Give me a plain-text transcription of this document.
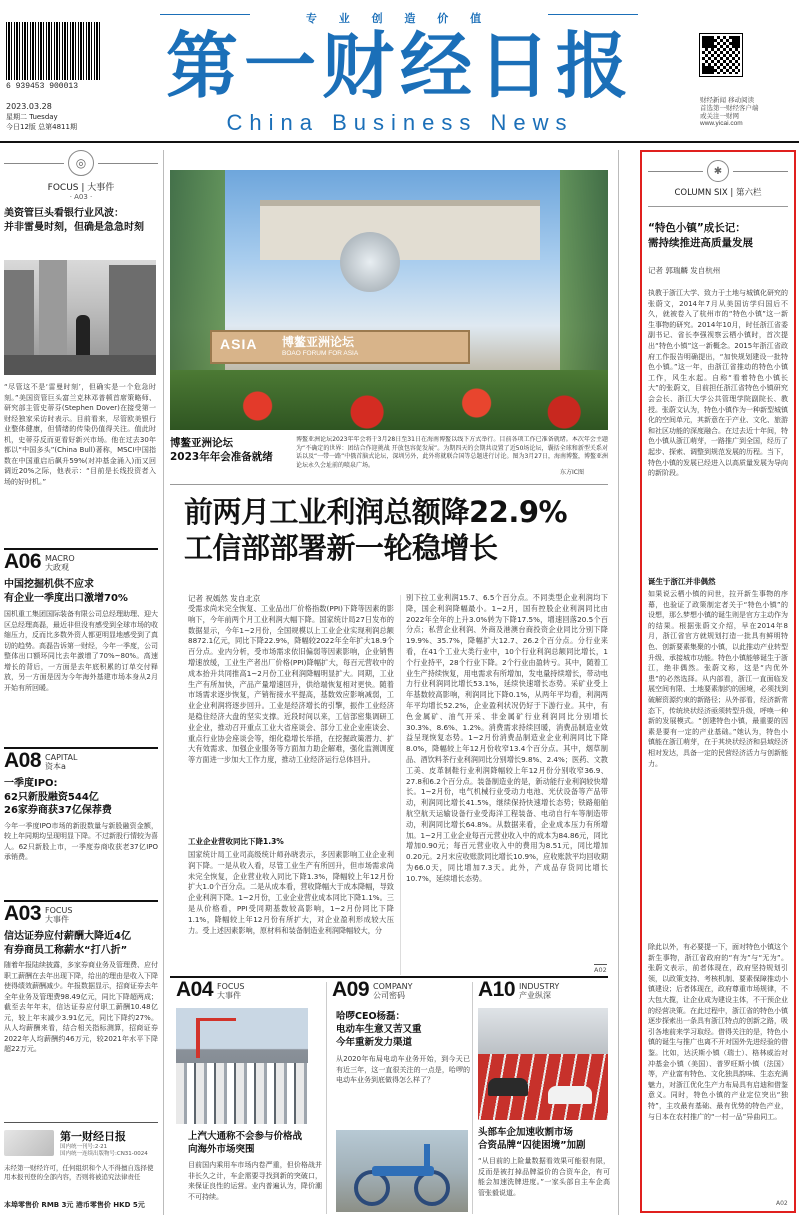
6 939453 900013
2023.03.28
星期二 Tuesday
今日12版 总第4811期
专 业 创 造 价 值
第一财经日报
China Business News
财经新闻 移动阅读
首选第一财经客户端
或关注一财网
www.yicai.com
◎
FOCUS | 大事件
· A03 ·
美资管巨头看银行业风波：
并非雷曼时刻，但确是急急时刻
“尽管这不是‘雷曼时刻’，但确实是一个危急时刻。”美国资管巨头富兰克林邓普顿首席策略师、研究部主管史蒂芬(Stephen Dover)在接受第一财经独家采访时表示。目前看来，尽管欧美银行业整体健康，但情绪的传染仍值得关注。值此时机，史蒂芬反而更看好新兴市场。他在过去30年都以“中国多头”(China Bull)著称，MSCI中国指数在中国重启后飙升59%(对冲基金涌入)而又回调近20%之际，他表示：“目前是长线投资者入场的好时机。”
A06 MACRO
大政观
中国挖掘机供不应求
有企业一季度出口激增70%
国机重工集团国际装备有限公司总经理助理、迎大区总经理高磊，最近非但没有感受到全球市场的收缩压力，反而比多数外资人都更明显地感受到了真切的趋势。高磊告诉第一财经，今年一季度，公司整体出口额环同比去年激增了70%~80%。高速增长的背后，一方面是去年底积累的订单交付释放，另一方面是因为今年海外基建市场本身从2月开始有所回暖。
A08 CAPITAL
资本a
一季度IPO:
62只新股融资544亿
26家券商获37亿保荐费
今年一季度IPO市场的新股数量与新股融资金额，较上年同期均呈现明显下降。不过新股行情较为喜人。62只新股上市，一季度券商收获老37亿IPO承销费。
A03 FOCUS
大事件
信达证券应付薪酬大降近4亿
有券商员工称薪水“打八折”
随着年报陆续披露，多家券商业务及管理费、应付职工薪酬在去年出现下降，给出的理由是收入下降使得绩效薪酬减少。年报数据显示，招商证券去年全年业务及管理费98.49亿元，同比下降超两成；截至去年年末，信达证券应付职工薪酬10.48亿元，较上年末减少3.91亿元，同比下降约27%。从人均薪酬来看，结合相关指标测算，招商证券2022年人均薪酬约46万元，较2021年水平下降超22万元。
第一财经日报
国内统一刊号:2·21
国内统一连续出版物号:CN31-0024
未经第一财经许可，任何组织和个人不得擅自选择使用本报刊登的全部内容，否则将被追究法律责任
本埠零售价 RMB 3元 港币零售价 HKD 5元
ASIA 博鳌亚洲论坛
BOAO FORUM FOR ASIA
博鳌亚洲论坛
2023年年会准备就绪
博鳌亚洲论坛2023年年会将于3月28日至31日在海南博鳌以线下方式举行。目前各项工作已准备就绪。本次年会主题为“不确定的世界：团结合作迎挑战 开放包容促发展”。为期四天的会期共设置了近50场论坛，囊括全球和新型关系对话以及“一带一路”中俄首脑式论坛，深圳另外，此外将就联合国等总题进行讨论。图为3月27日，海南博鳌，博鳌亚洲论坛永久会址前的喷泉广场。
东方IC图
前两月工业利润总额降22.9%
工信部部署新一轮稳增长
记者 祝嫣然 发自北京
受需求尚未完全恢复、工业品出厂价格指数(PPI)下降等因素的影响下，今年前两个月工业利润大幅下降。国家统计局27日发布的数据显示，今年1~2月份，全国规模以上工业企业实现利润总额8872.1亿元，同比下降22.9%，降幅较2022年全年扩大18.9个百分点。业内分析，受市场需求依旧偏弱等因素影响，企业销售增速放缓，工业生产者出厂价格(PPI)降幅扩大，每百元营收中的成本抬升共同推高1~2月份工业利润降幅明显扩大。同期，工业生产有所加快，产品产量增速回升，供给端恢复相对更快。随着市场需求逐步恢复，产销衔接水平提高，基数效应影响减弱，工业企业利润将逐步回升。工业是经济增长的引擎，振作工业经济是稳住经济大盘的坚实支撑。近段时间以来，工信部密集调研工业企业，推动召开重点工业大省座谈会、部分工业企业座谈会、重点行业协会座谈会等，细化稳增长举措，在挖掘政策潜力、扩大有效需求、加强企业服务等方面加力助企解难，强化监测调度等方面进一步加大工作力度，推动工业经济运行总体回升。
工业企业营收同比下降1.3%
国家统计局工业司高级统计师孙晓表示，多因素影响工业企业利润下降。一是从收入看，尽管工业生产有所回升，但市场需求尚未完全恢复，企业营业收入同比下降1.3%，降幅较上年12月份扩大1.0个百分点。二是从成本看，营收降幅大于成本降幅，导致企业利润下降。1~2月份，工业企业营业成本同比下降1.1%。三是从价格看，PPI受同期基数较高影响，1~2月份同比下降1.1%，降幅较上年12月份有所扩大，对企业盈利形成较大压力。受上述因素影响，原材料和装备制造业利润降幅较大，分
别下拉工业利润15.7、6.5个百分点。不同类型企业利润均下降，国企利润降幅最小。1~2月，国有控股企业利润同比由2022年全年的上升3.0%转为下降17.5%，增速回落20.5个百分点；私营企业利润、外商及港澳台商投资企业同比分别下降19.9%、35.7%，降幅扩大12.7、26.2个百分点。分行业来看，在41个工业大类行业中，10个行业利润总额同比增长，1个行业持平，28个行业下降。2个行业由盈转亏。其中，随着工业生产持续恢复，用电需求有所增加，发电量持续增长，带动电力行业利润同比增长53.1%，延续快速增长态势。采矿业受上年基数较高影响，利润同比下降0.1%，从两年平均看，利润两年平均增长52.2%，企业盈利状况仍好于下游行业。其中，有色金属矿、油气开采、非金属矿行业利润同比分别增长30.3%、8.6%、1.2%。消费需求持续回暖，消费品制造业效益呈现恢复态势。1~2月份消费品制造业企业利润同比下降8.0%，降幅较上年12月份收窄13.4个百分点。其中，烟草制品、酒饮料茶行业利润同比分别增长9.8%、2.4%；医药、文教工美、皮革制鞋行业利润降幅较上年12月份分别收窄36.9、27.8和6.2个百分点。装备制造业的是，新动能行业利润较快增长。1~2月份，电气机械行业受动力电池、光伏设备等产品带动，利润同比增长41.5%，继续保持快速增长态势；铁路船舶航空航天运输设备行业受海洋工程装备、电动自行车等制造带动，利润同比增长64.8%。从数据来看，企业成本压力有所增加。1~2月工业企业每百元营业收入中的成本为84.86元，同比增加0.90元；每百元营业收入中的费用为8.51元，同比增加0.20元。2月末应收账款同比增长10.9%，应收账款平均回收期为66.0天，同比增加7.3天。此外，产成品存货同比增长10.7%，延续增长态势。
A02
A04 FOCUS
大事件
上汽大通称不会参与价格战
向海外市场突围
目前国内乘用车市场内卷严重，但价格战并非长久之计，车企需要寻找到新的突破口，来保证良性的运营。业内普遍认为，降价潮不可持续。
A09 COMPANY
公司密码
哈啰CEO杨磊：
电动车生意又苦又重
今年重新发力渠道
从2020年布局电动车业务开始，到今天已有近三年，这一直很关注的一点是，哈啰的电动车业务到底做得怎么样了？
A10 INDUSTRY
产业纵深
头部车企加速收割市场
合资品牌“囚徒困境”加剧
“从目前的上险量数据看效果可能很有限，反而是被打掉品牌溢价的合资车企，有可能会加速洗牌进度。”一家头部自主车企高管张毅说道。
✱
COLUMN SIX | 第六栏
“特色小镇”成长记：
需持续推进高质量发展
记者 郭瑞麟 发自杭州
执教于浙江大学、致力于土地与城镇化研究的张蔚文，2014年7月从美国访学归国后不久，就被卷入了杭州市的“特色小镇”这一新生事物的研究。2014年10月，时任浙江省委副书记、省长李强视察云栖小镇时，首次提出“特色小镇”这一新概念。2015年浙江省政府工作报告明确提出，“加快规划建设一批特色小镇。”这一年，由浙江省推动的特色小镇工作，风生水起。自称“看着特色小镇长大”的张蔚文，目前担任浙江省特色小镇研究会会长、浙江大学公共管理学院副院长、教授。张蔚文认为，特色小镇作为一种新型城镇化的空间单元，其新意在于产业、文化、旅游和社区功能的深度融合。在过去近十年间，特色小镇从浙江萌芽，一路推广到全国，经历了起步、探索、调整到规范发展的历程。当下，特色小镇的发展已经进入以高质量发展为导向的新阶段。
诞生于浙江并非偶然
如果说云栖小镇的问世，拉开新生事物的序幕，也验证了政策制定者关于“特色小镇”的设想，那么梦想小镇的诞生则是官方主动作为的结果。根据张蔚文介绍，早在2014年8月，浙江省官方就规划打造一批具有鲜明特色、创新要素集聚的小镇，以此推动产业转型升级、承接城市功能。特色小镇能够诞生于浙江，绝非偶然。张蔚文称，这是“内优外患”的必然选择。从内部看，浙江一直面临发展空间有限、土地要素制约的困境，必须找到破解资源约束的新路径；从外部看，经济新常态下，传统块状经济亟须转型升级，呼唤一种新的发展模式。“创建特色小镇，最重要的因素是要有一定的产业基础。”她认为，特色小镇能在浙江萌芽，在于其块状经济和县域经济相对发达，具备一定的民营经济活力与创新能力。
除此以外，有必要提一下，面对特色小镇这个新生事物，浙江省政府的“有为”与“无为”。张蔚文表示，前者体现在，政府坚持规划引领，以政策支持、考核机制、要素保障推动小镇建设；后者体现在，政府尊重市场规律，不大包大揽，让企业成为建设主体，不干预企业的经营决策。在此过程中，浙江省的特色小镇逐步探索出一条具有浙江特点的创新之路，吸引各地前来学习取经。借得关注的是，特色小镇的诞生与推广也离不开对国外先进经验的借鉴。比如，达沃斯小镇（瑞士）、格林威治对冲基金小镇（美国）、普罗旺斯小镇（法国）等，产业富有特色、文化独具韵味、生态充满魅力，对浙江优化生产力布局具有启迪和借鉴意义。同时，特色小镇的产业定位突出“独特”，主攻最有基础、最有优势的特色产业，与日本在农村推广的“一村一品”异曲同工。
A02
